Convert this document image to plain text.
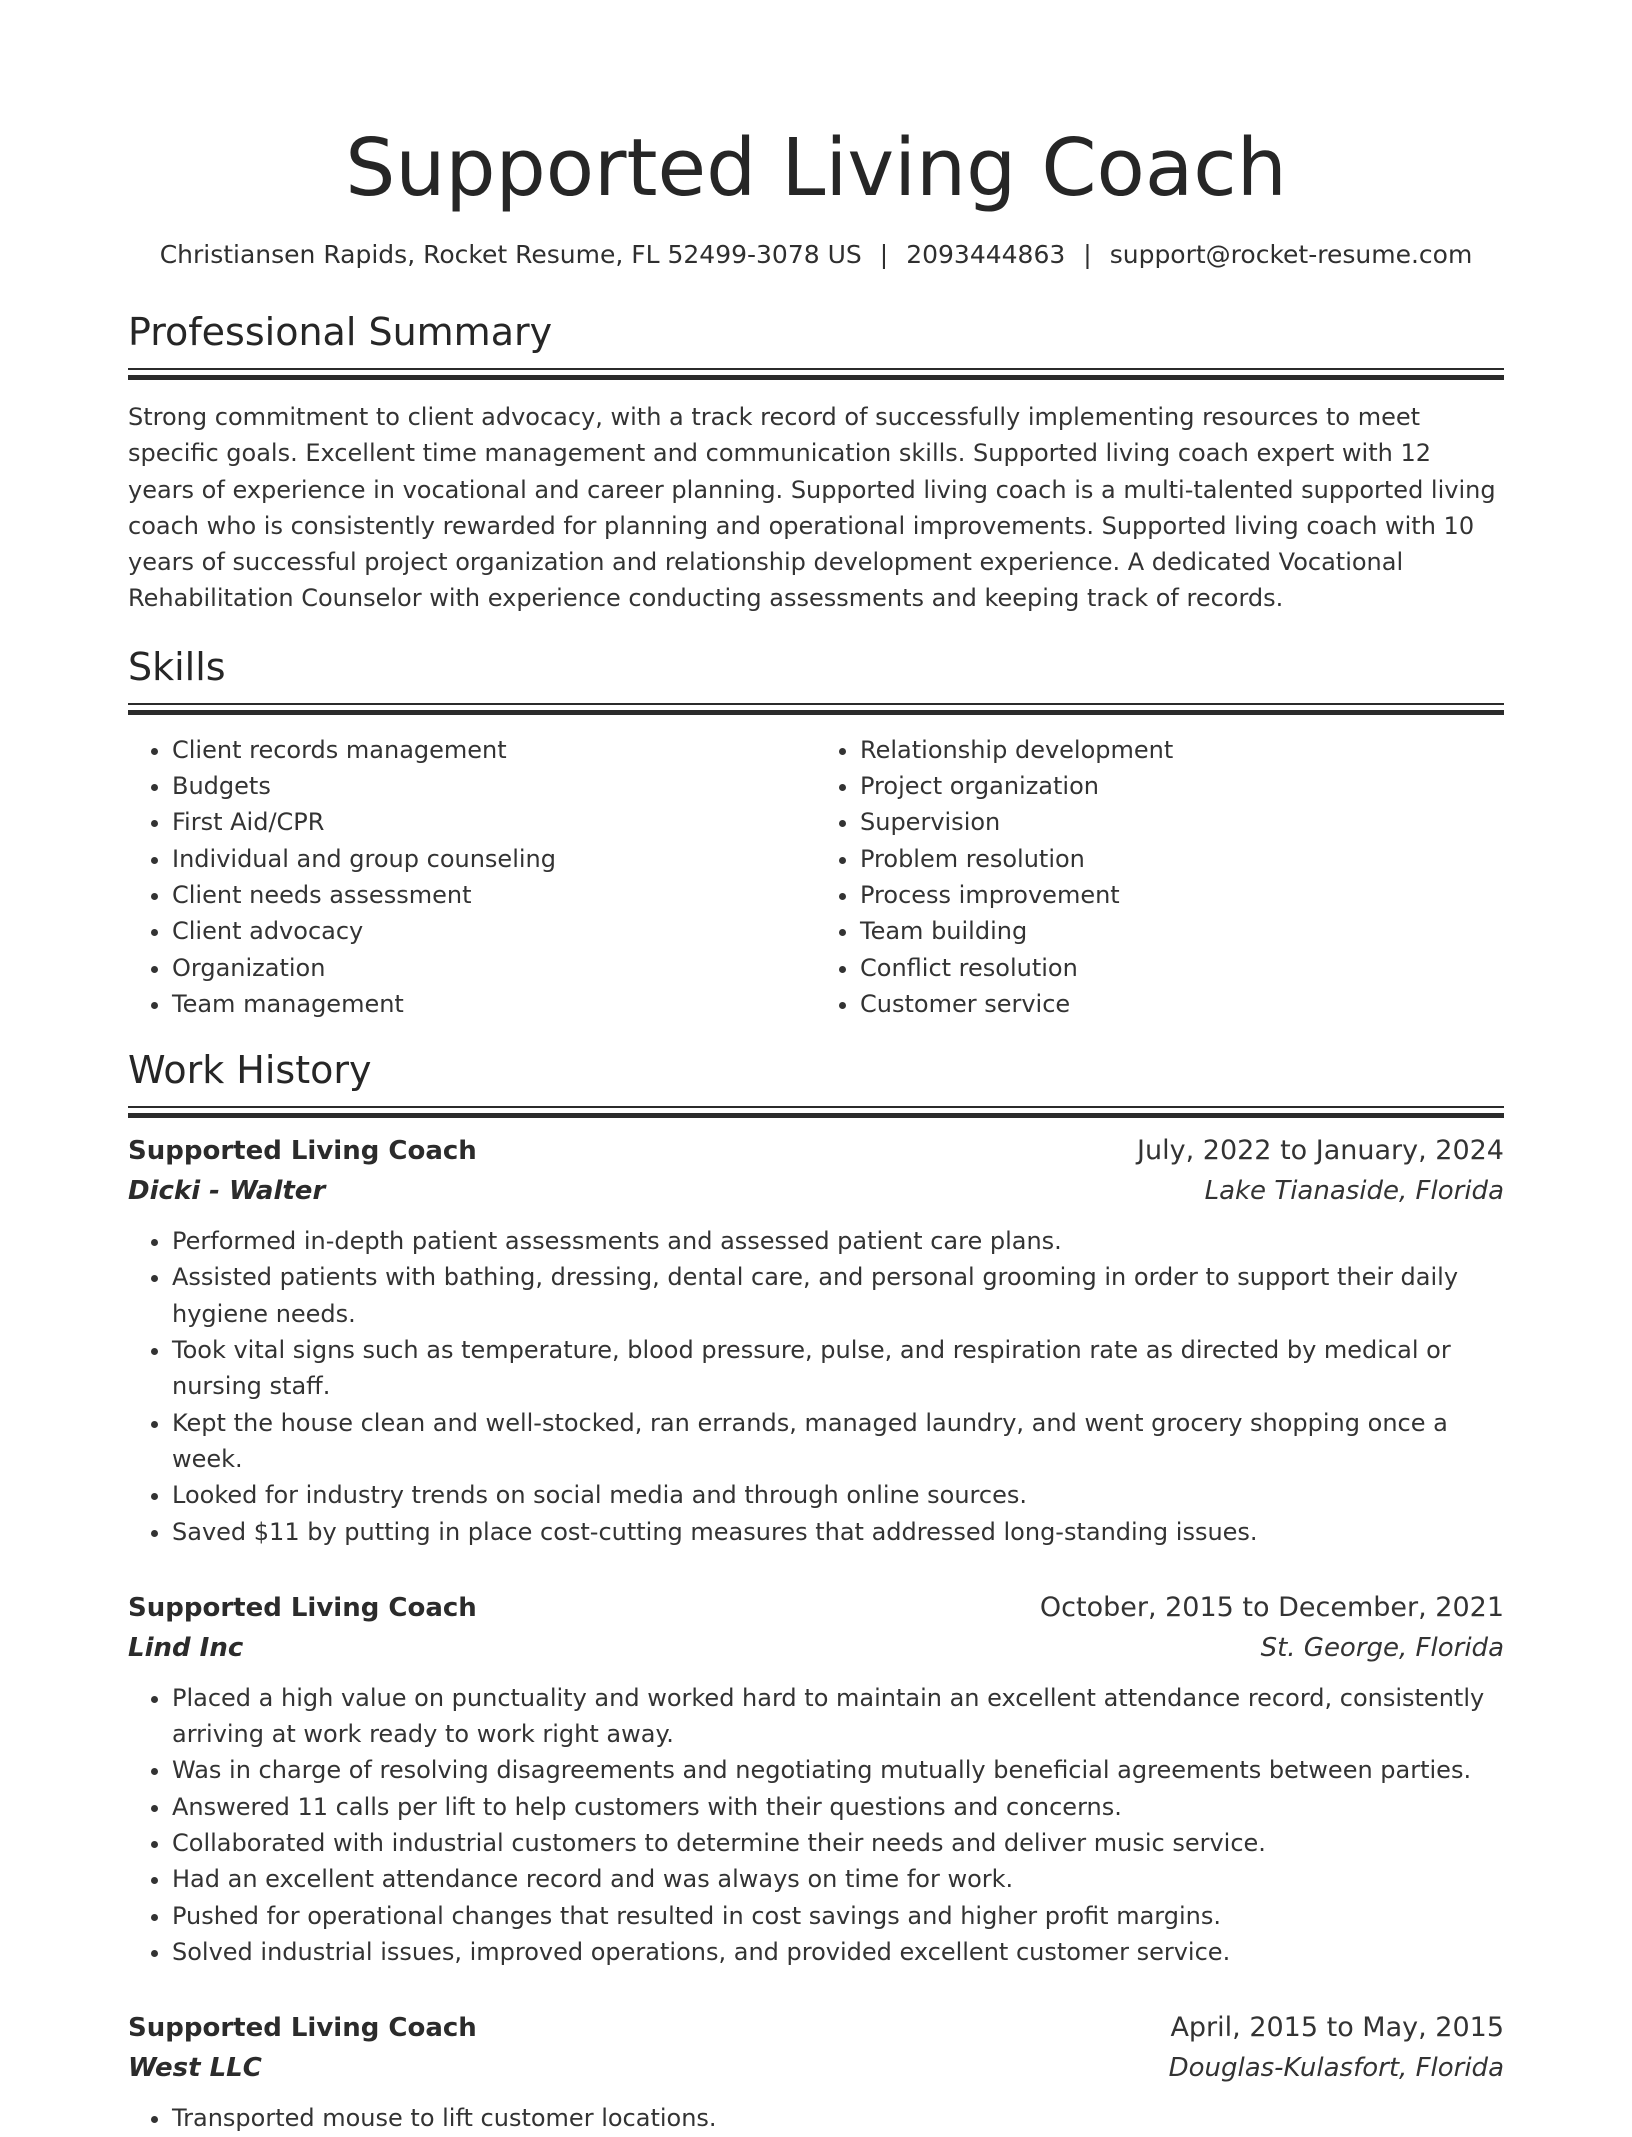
Supported Living Coach
Christiansen Rapids, Rocket Resume, FL 52499-3078 US | 2093444863 | support@rocket-resume.com
Professional Summary

Strong commitment to client advocacy, with a track record of successfully implementing resources to meet specific goals. Excellent time management and communication skills. Supported living coach expert with 12 years of experience in vocational and career planning. Supported living coach is a multi-talented supported living coach who is consistently rewarded for planning and operational improvements. Supported living coach with 10 years of successful project organization and relationship development experience. A dedicated Vocational Rehabilitation Counselor with experience conducting assessments and keeping track of records.

Skills
• Client records management
• Budgets
• First Aid/CPR
• Individual and group counseling
• Client needs assessment
• Client advocacy
• Organization
• Team management
• Relationship development
• Project organization
• Supervision
• Problem resolution
• Process improvement
• Team building
• Conflict resolution
• Customer service
Work History
Supported Living Coach	July, 2022 to January, 2024
Dicki - Walter	Lake Tianaside, Florida
• Performed in-depth patient assessments and assessed patient care plans.
• Assisted patients with bathing, dressing, dental care, and personal grooming in order to support their daily hygiene needs.
• Took vital signs such as temperature, blood pressure, pulse, and respiration rate as directed by medical or nursing staff.
• Kept the house clean and well-stocked, ran errands, managed laundry, and went grocery shopping once a week.
• Looked for industry trends on social media and through online sources.
• Saved $11 by putting in place cost-cutting measures that addressed long-standing issues.
Supported Living Coach	October, 2015 to December, 2021
Lind Inc	St. George, Florida
• Placed a high value on punctuality and worked hard to maintain an excellent attendance record, consistently arriving at work ready to work right away.
• Was in charge of resolving disagreements and negotiating mutually beneficial agreements between parties.
• Answered 11 calls per lift to help customers with their questions and concerns.
• Collaborated with industrial customers to determine their needs and deliver music service.
• Had an excellent attendance record and was always on time for work.
• Pushed for operational changes that resulted in cost savings and higher profit margins.
• Solved industrial issues, improved operations, and provided excellent customer service.
Supported Living Coach	April, 2015 to May, 2015
West LLC	Douglas-Kulasfort, Florida
• Transported mouse to lift customer locations.
